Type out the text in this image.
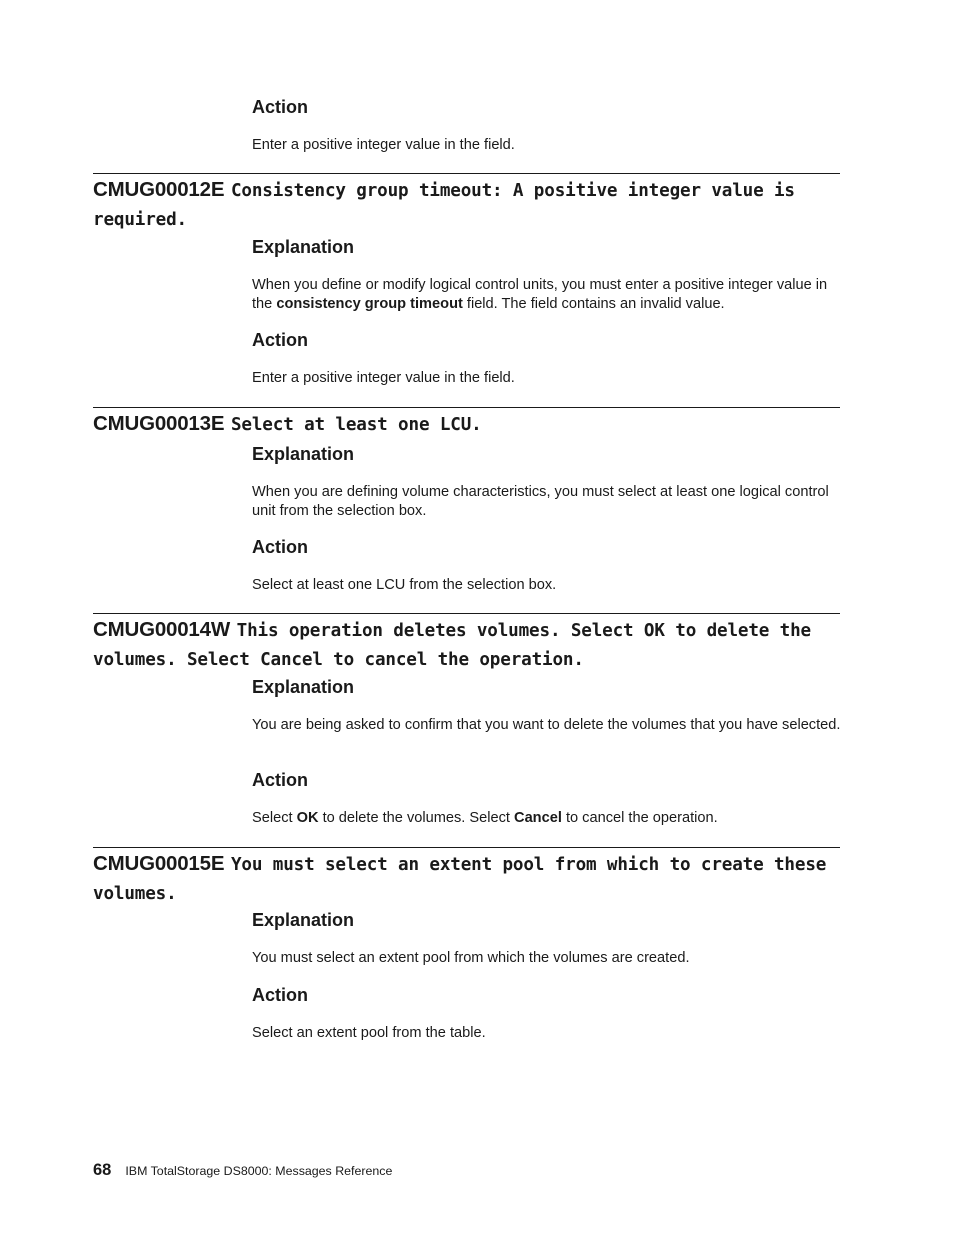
Action

Enter a positive integer value in the field.

CMUG00012E Consistency group timeout: A positive integer value is required.
Explanation

When you define or modify logical control units, you must enter a positive integer value in the consistency group timeout field. The field contains an invalid value.

Action

Enter a positive integer value in the field.

CMUG00013E Select at least one LCU.
Explanation

When you are defining volume characteristics, you must select at least one logical control unit from the selection box.

Action

Select at least one LCU from the selection box.

CMUG00014W This operation deletes volumes. Select OK to delete the volumes. Select Cancel to cancel the operation.
Explanation

You are being asked to confirm that you want to delete the volumes that you have selected.

Action

Select OK to delete the volumes. Select Cancel to cancel the operation.

CMUG00015E You must select an extent pool from which to create these volumes.
Explanation

You must select an extent pool from which the volumes are created.

Action

Select an extent pool from the table.

68 IBM TotalStorage DS8000: Messages Reference
